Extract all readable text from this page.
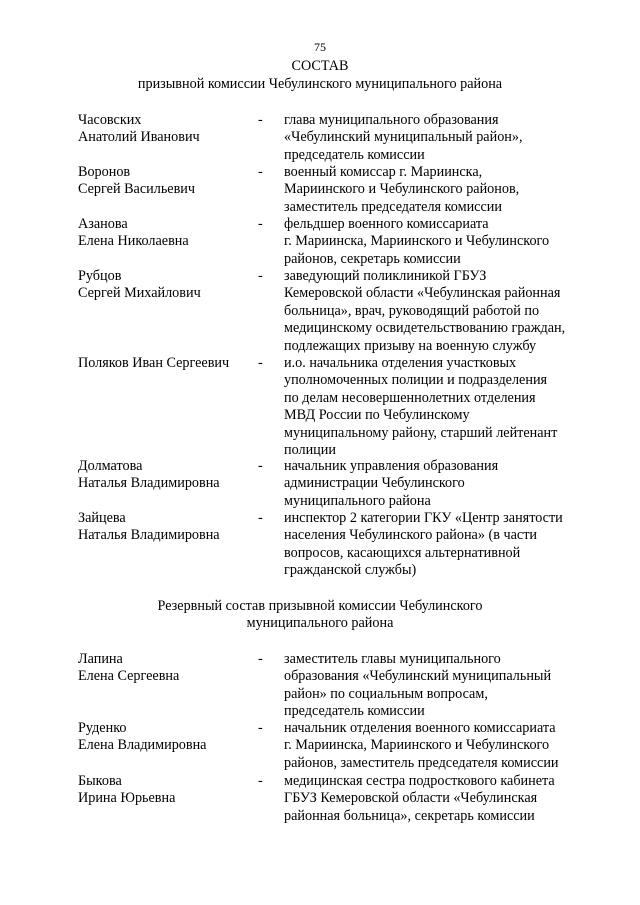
75
СОСТАВ
призывной комиссии Чебулинского муниципального района
Часовских
Анатолий Иванович
-	глава муниципального образования
«Чебулинский муниципальный район»,
председатель комиссии
Воронов
Сергей Васильевич
-	военный комиссар г. Мариинска,
Мариинского и Чебулинского районов,
заместитель председателя комиссии
Азанова
Елена Николаевна
-	фельдшер военного комиссариата
г. Мариинска, Мариинского и Чебулинского
районов, секретарь комиссии
Рубцов
Сергей Михайлович
-	заведующий поликлиникой ГБУЗ
Кемеровской области «Чебулинская районная
больница», врач, руководящий работой по
медицинскому освидетельствованию граждан,
подлежащих призыву на военную службу
Поляков Иван Сергеевич	-	и.о. начальника отделения участковых
уполномоченных полиции и подразделения
по делам несовершеннолетних отделения
МВД России по Чебулинскому
муниципальному району, старший лейтенант
полиции
Долматова
Наталья Владимировна
-	начальник управления образования
администрации Чебулинского
муниципального района
Зайцева
Наталья Владимировна
-	инспектор 2 категории ГКУ «Центр занятости
населения Чебулинского района» (в части
вопросов, касающихся альтернативной
гражданской службы)
Резервный состав призывной комиссии Чебулинского
муниципального района
Лапина
Елена Сергеевна
-	заместитель главы муниципального
образования «Чебулинский муниципальный
район» по социальным вопросам,
председатель комиссии
Руденко
Елена Владимировна
-	начальник отделения военного комиссариата
г. Мариинска, Мариинского и Чебулинского
районов, заместитель председателя комиссии
Быкова
Ирина Юрьевна
-	медицинская сестра подросткового кабинета
ГБУЗ Кемеровской области «Чебулинская
районная больница», секретарь комиссии
